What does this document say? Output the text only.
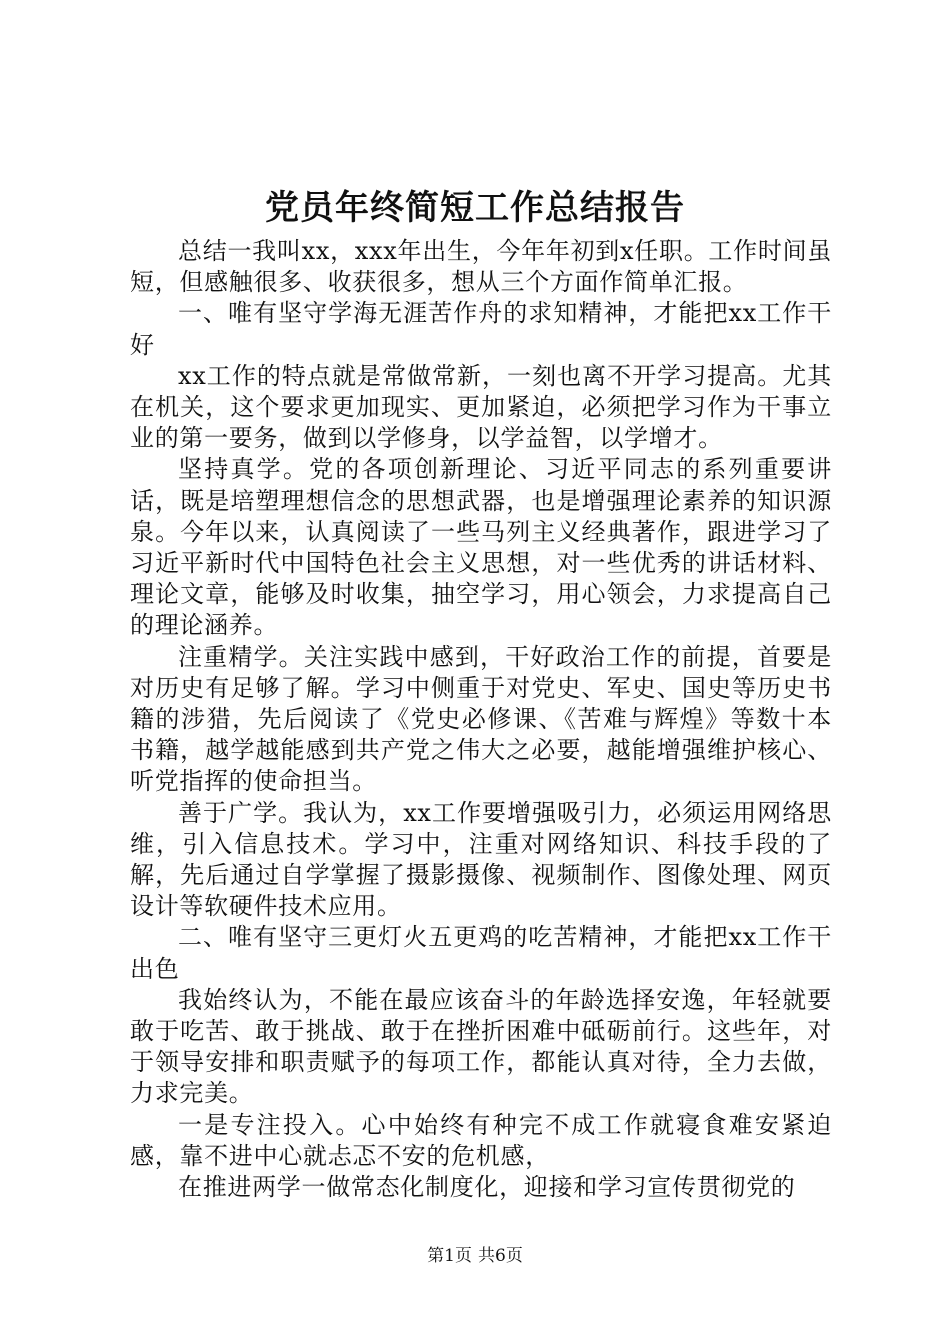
党员年终简短工作总结报告

总结一我叫xx，xxx年出生，今年年初到x任职。工作时间虽短，但感触很多、收获很多，想从三个方面作简单汇报。

一、唯有坚守学海无涯苦作舟的求知精神，才能把xx工作干好

xx工作的特点就是常做常新，一刻也离不开学习提高。尤其在机关，这个要求更加现实、更加紧迫，必须把学习作为干事立业的第一要务，做到以学修身，以学益智，以学增才。

坚持真学。党的各项创新理论、习近平同志的系列重要讲话，既是培塑理想信念的思想武器，也是增强理论素养的知识源泉。今年以来，认真阅读了一些马列主义经典著作，跟进学习了习近平新时代中国特色社会主义思想，对一些优秀的讲话材料、理论文章，能够及时收集，抽空学习，用心领会，力求提高自己的理论涵养。

注重精学。关注实践中感到，干好政治工作的前提，首要是对历史有足够了解。学习中侧重于对党史、军史、国史等历史书籍的涉猎，先后阅读了《党史必修课、《苦难与辉煌》等数十本书籍，越学越能感到共产党之伟大之必要，越能增强维护核心、听党指挥的使命担当。

善于广学。我认为，xx工作要增强吸引力，必须运用网络思维，引入信息技术。学习中，注重对网络知识、科技手段的了解，先后通过自学掌握了摄影摄像、视频制作、图像处理、网页设计等软硬件技术应用。

二、唯有坚守三更灯火五更鸡的吃苦精神，才能把xx工作干出色

我始终认为，不能在最应该奋斗的年龄选择安逸，年轻就要敢于吃苦、敢于挑战、敢于在挫折困难中砥砺前行。这些年，对于领导安排和职责赋予的每项工作，都能认真对待，全力去做，力求完美。

一是专注投入。心中始终有种完不成工作就寝食难安紧迫感，靠不进中心就忐忑不安的危机感，

在推进两学一做常态化制度化，迎接和学习宣传贯彻党的

第1页 共6页
